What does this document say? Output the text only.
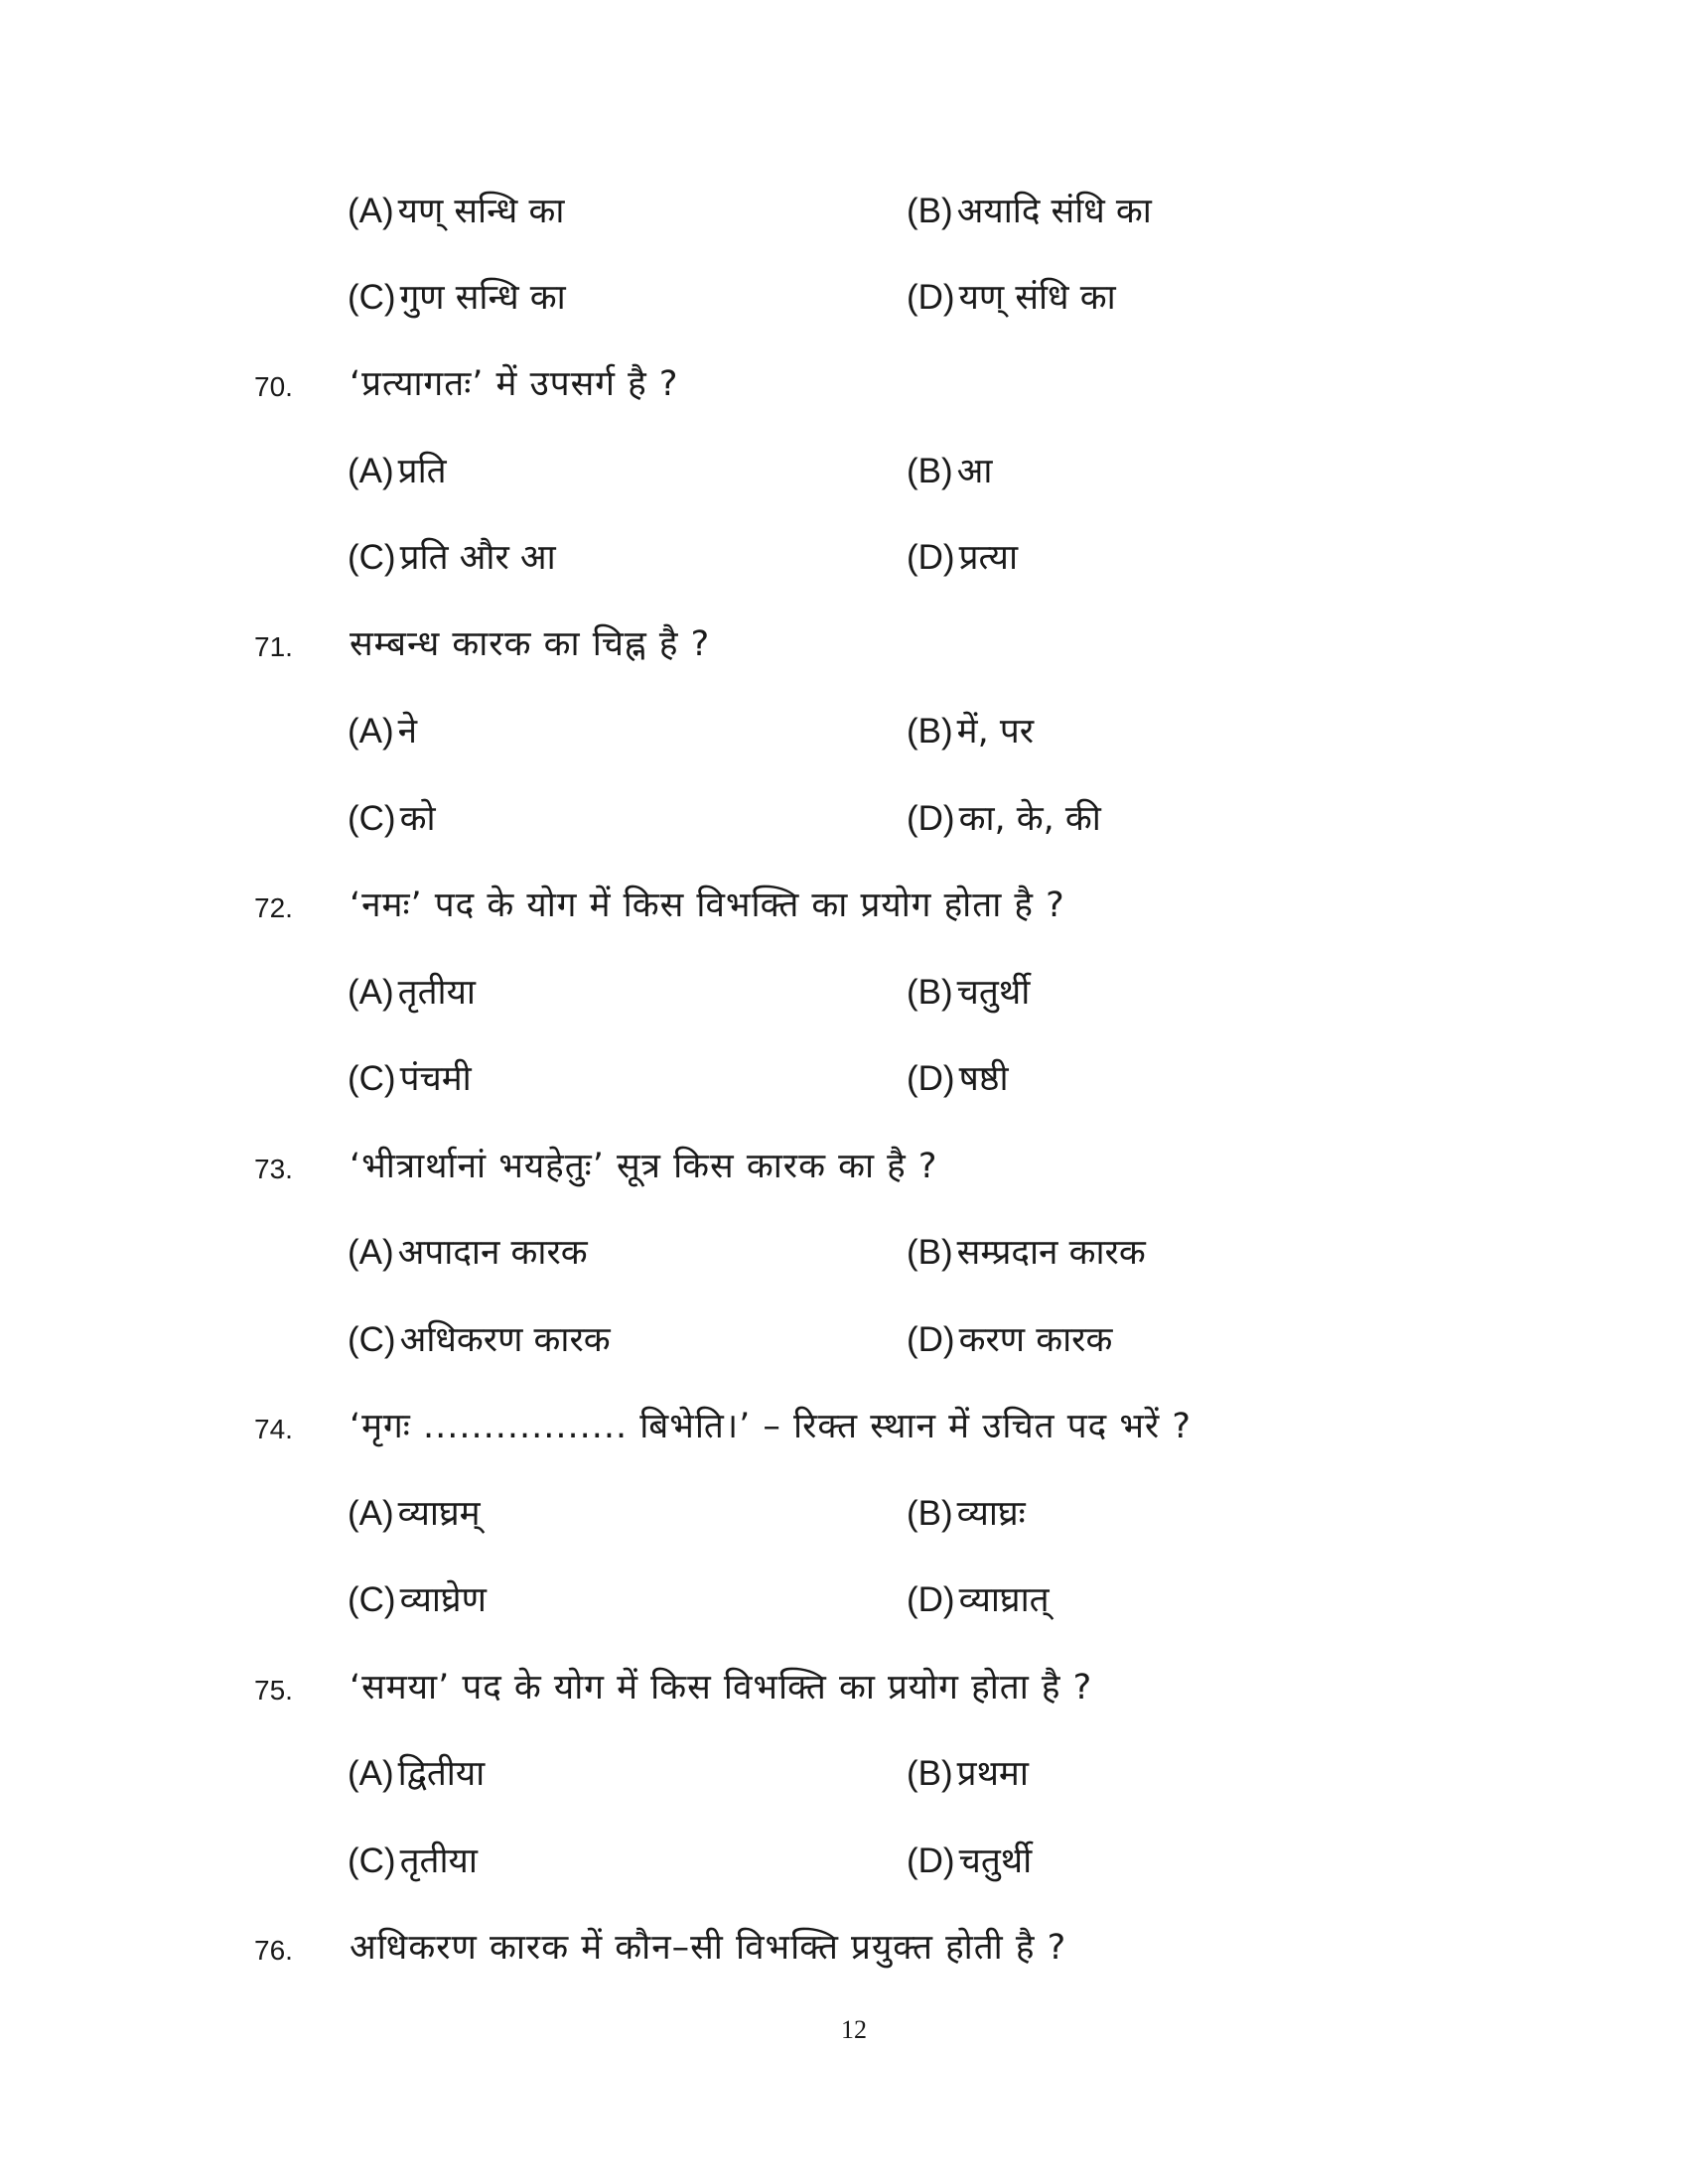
(A) यण् सन्धि का	(B) अयादि संधि का
(C) गुण सन्धि का	(D) यण् संधि का
70. ‘प्रत्यागतः’ में उपसर्ग है ?
(A) प्रति	(B) आ
(C) प्रति और आ	(D) प्रत्या
71. सम्बन्ध कारक का चिह्न है ?
(A) ने	(B) में, पर
(C) को	(D) का, के, की
72. ‘नमः’ पद के योग में किस विभक्ति का प्रयोग होता है ?
(A) तृतीया	(B) चतुर्थी
(C) पंचमी	(D) षष्ठी
73. ‘भीत्रार्थानां भयहेतुः’ सूत्र किस कारक का है ?
(A) अपादान कारक	(B) सम्प्रदान कारक
(C) अधिकरण कारक	(D) करण कारक
74. ‘मृगः ................. बिभेति।’ – रिक्त स्थान में उचित पद भरें ?
(A) व्याघ्रम्	(B) व्याघ्रः
(C) व्याघ्रेण	(D) व्याघ्रात्
75. ‘समया’ पद के योग में किस विभक्ति का प्रयोग होता है ?
(A) द्वितीया	(B) प्रथमा
(C) तृतीया	(D) चतुर्थी
76. अधिकरण कारक में कौन–सी विभक्ति प्रयुक्त होती है ?
12
